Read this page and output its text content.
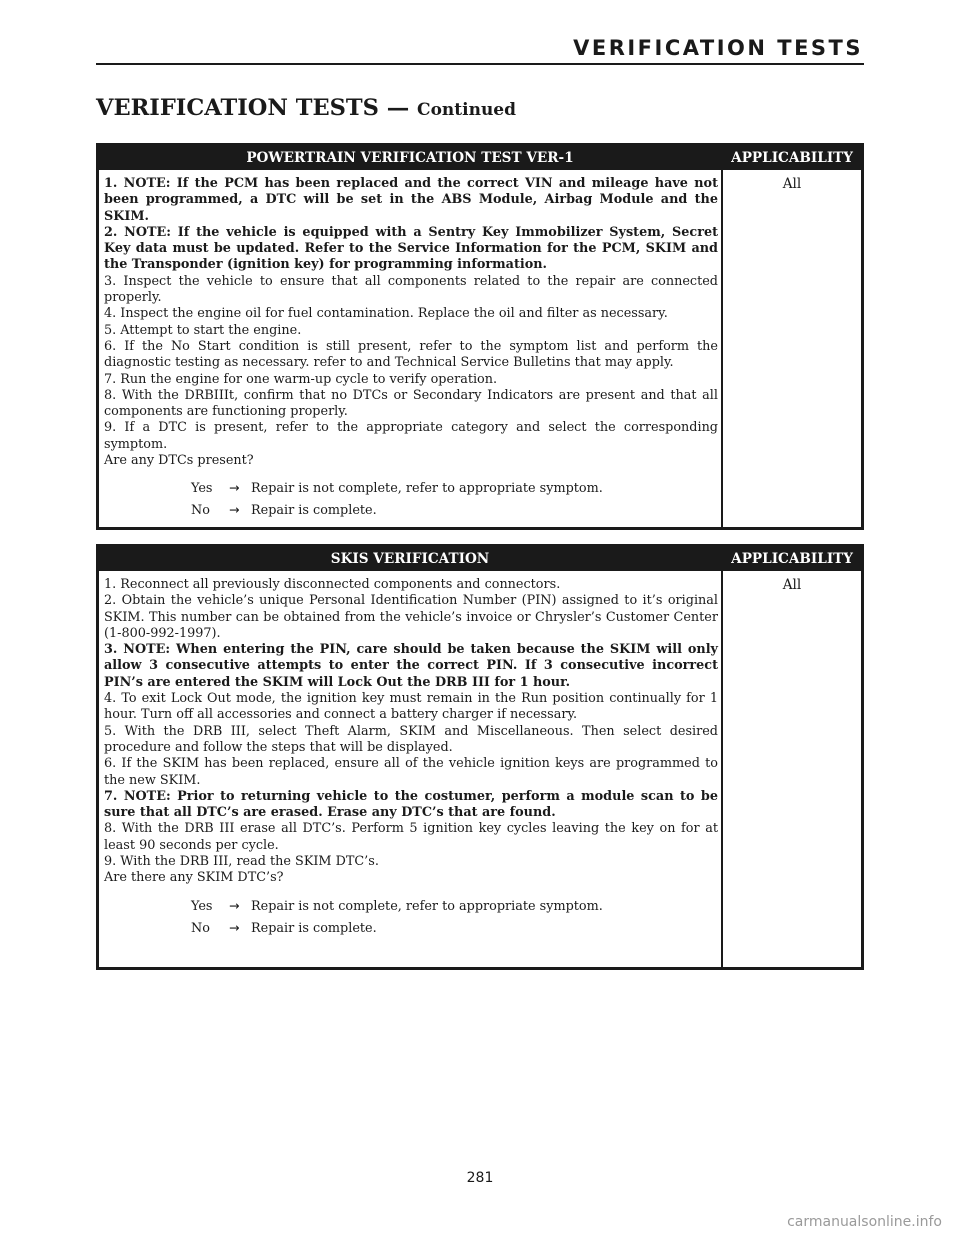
VERIFICATION TESTS
VERIFICATION TESTS — Continued
POWERTRAIN VERIFICATION TEST VER-1	APPLICABILITY

1. NOTE: If the PCM has been replaced and the correct VIN and mileage have not been programmed, a DTC will be set in the ABS Module, Airbag Module and the SKIM.

2. NOTE: If the vehicle is equipped with a Sentry Key Immobilizer System, Secret Key data must be updated. Refer to the Service Information for the PCM, SKIM and the Transponder (ignition key) for programming information.

3. Inspect the vehicle to ensure that all components related to the repair are connected properly.

4. Inspect the engine oil for fuel contamination. Replace the oil and filter as necessary.

5. Attempt to start the engine.

6. If the No Start condition is still present, refer to the symptom list and perform the diagnostic testing as necessary. refer to and Technical Service Bulletins that may apply.

7. Run the engine for one warm-up cycle to verify operation.

8. With the DRBIIIt, confirm that no DTCs or Secondary Indicators are present and that all components are functioning properly.

9. If a DTC is present, refer to the appropriate category and select the corresponding symptom.

Are any DTCs present?

Yes → Repair is not complete, refer to appropriate symptom.
No → Repair is complete.
All
SKIS VERIFICATION	APPLICABILITY

1. Reconnect all previously disconnected components and connectors.

2. Obtain the vehicle’s unique Personal Identification Number (PIN) assigned to it’s original SKIM. This number can be obtained from the vehicle’s invoice or Chrysler’s Customer Center (1-800-992-1997).

3. NOTE: When entering the PIN, care should be taken because the SKIM will only allow 3 consecutive attempts to enter the correct PIN. If 3 consecutive incorrect PIN’s are entered the SKIM will Lock Out the DRB III for 1 hour.

4. To exit Lock Out mode, the ignition key must remain in the Run position continually for 1 hour. Turn off all accessories and connect a battery charger if necessary.

5. With the DRB III, select Theft Alarm, SKIM and Miscellaneous. Then select desired procedure and follow the steps that will be displayed.

6. If the SKIM has been replaced, ensure all of the vehicle ignition keys are programmed to the new SKIM.

7. NOTE: Prior to returning vehicle to the costumer, perform a module scan to be sure that all DTC’s are erased. Erase any DTC’s that are found.

8. With the DRB III erase all DTC’s. Perform 5 ignition key cycles leaving the key on for at least 90 seconds per cycle.

9. With the DRB III, read the SKIM DTC’s.

Are there any SKIM DTC’s?

Yes → Repair is not complete, refer to appropriate symptom.
No → Repair is complete.
All
281
carmanualsonline.info
